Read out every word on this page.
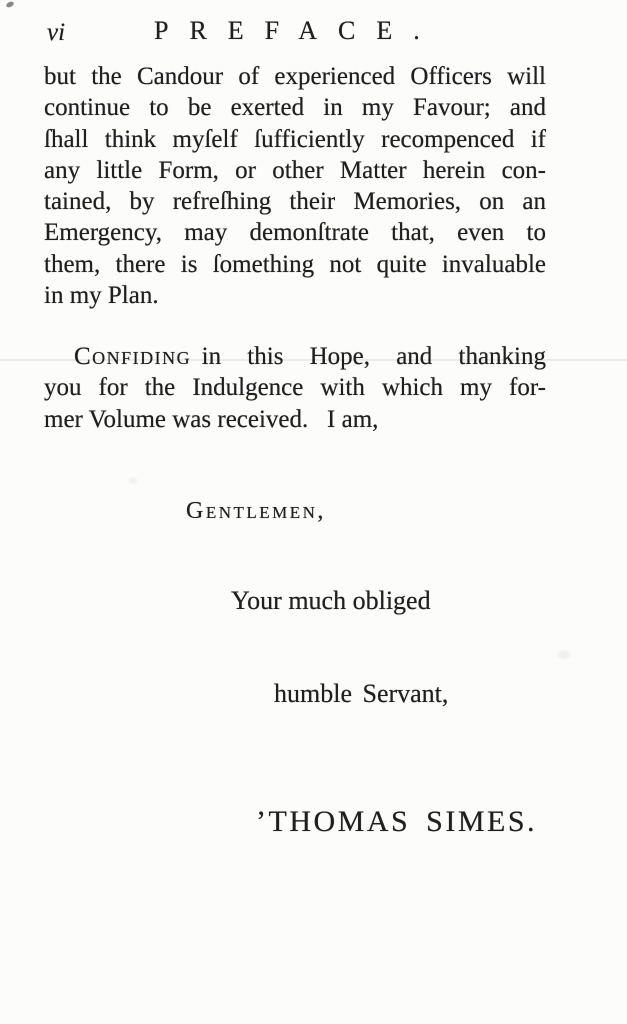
vi	PREFACE.
but the Candour of experienced Officers will
continue to be exerted in my Favour; and
ſhall think myſelf ſufficiently recompenced if
any little Form, or other Matter herein con-
tained, by refreſhing their Memories, on an
Emergency, may demonſtrate that, even to
them, there is ſomething not quite invaluable
in my Plan.
Confiding in this Hope, and thanking
you for the Indulgence with which my for-
mer Volume was received.   I am,
Gentlemen,
Your much obliged
humble Servant,
’THOMAS SIMES.
